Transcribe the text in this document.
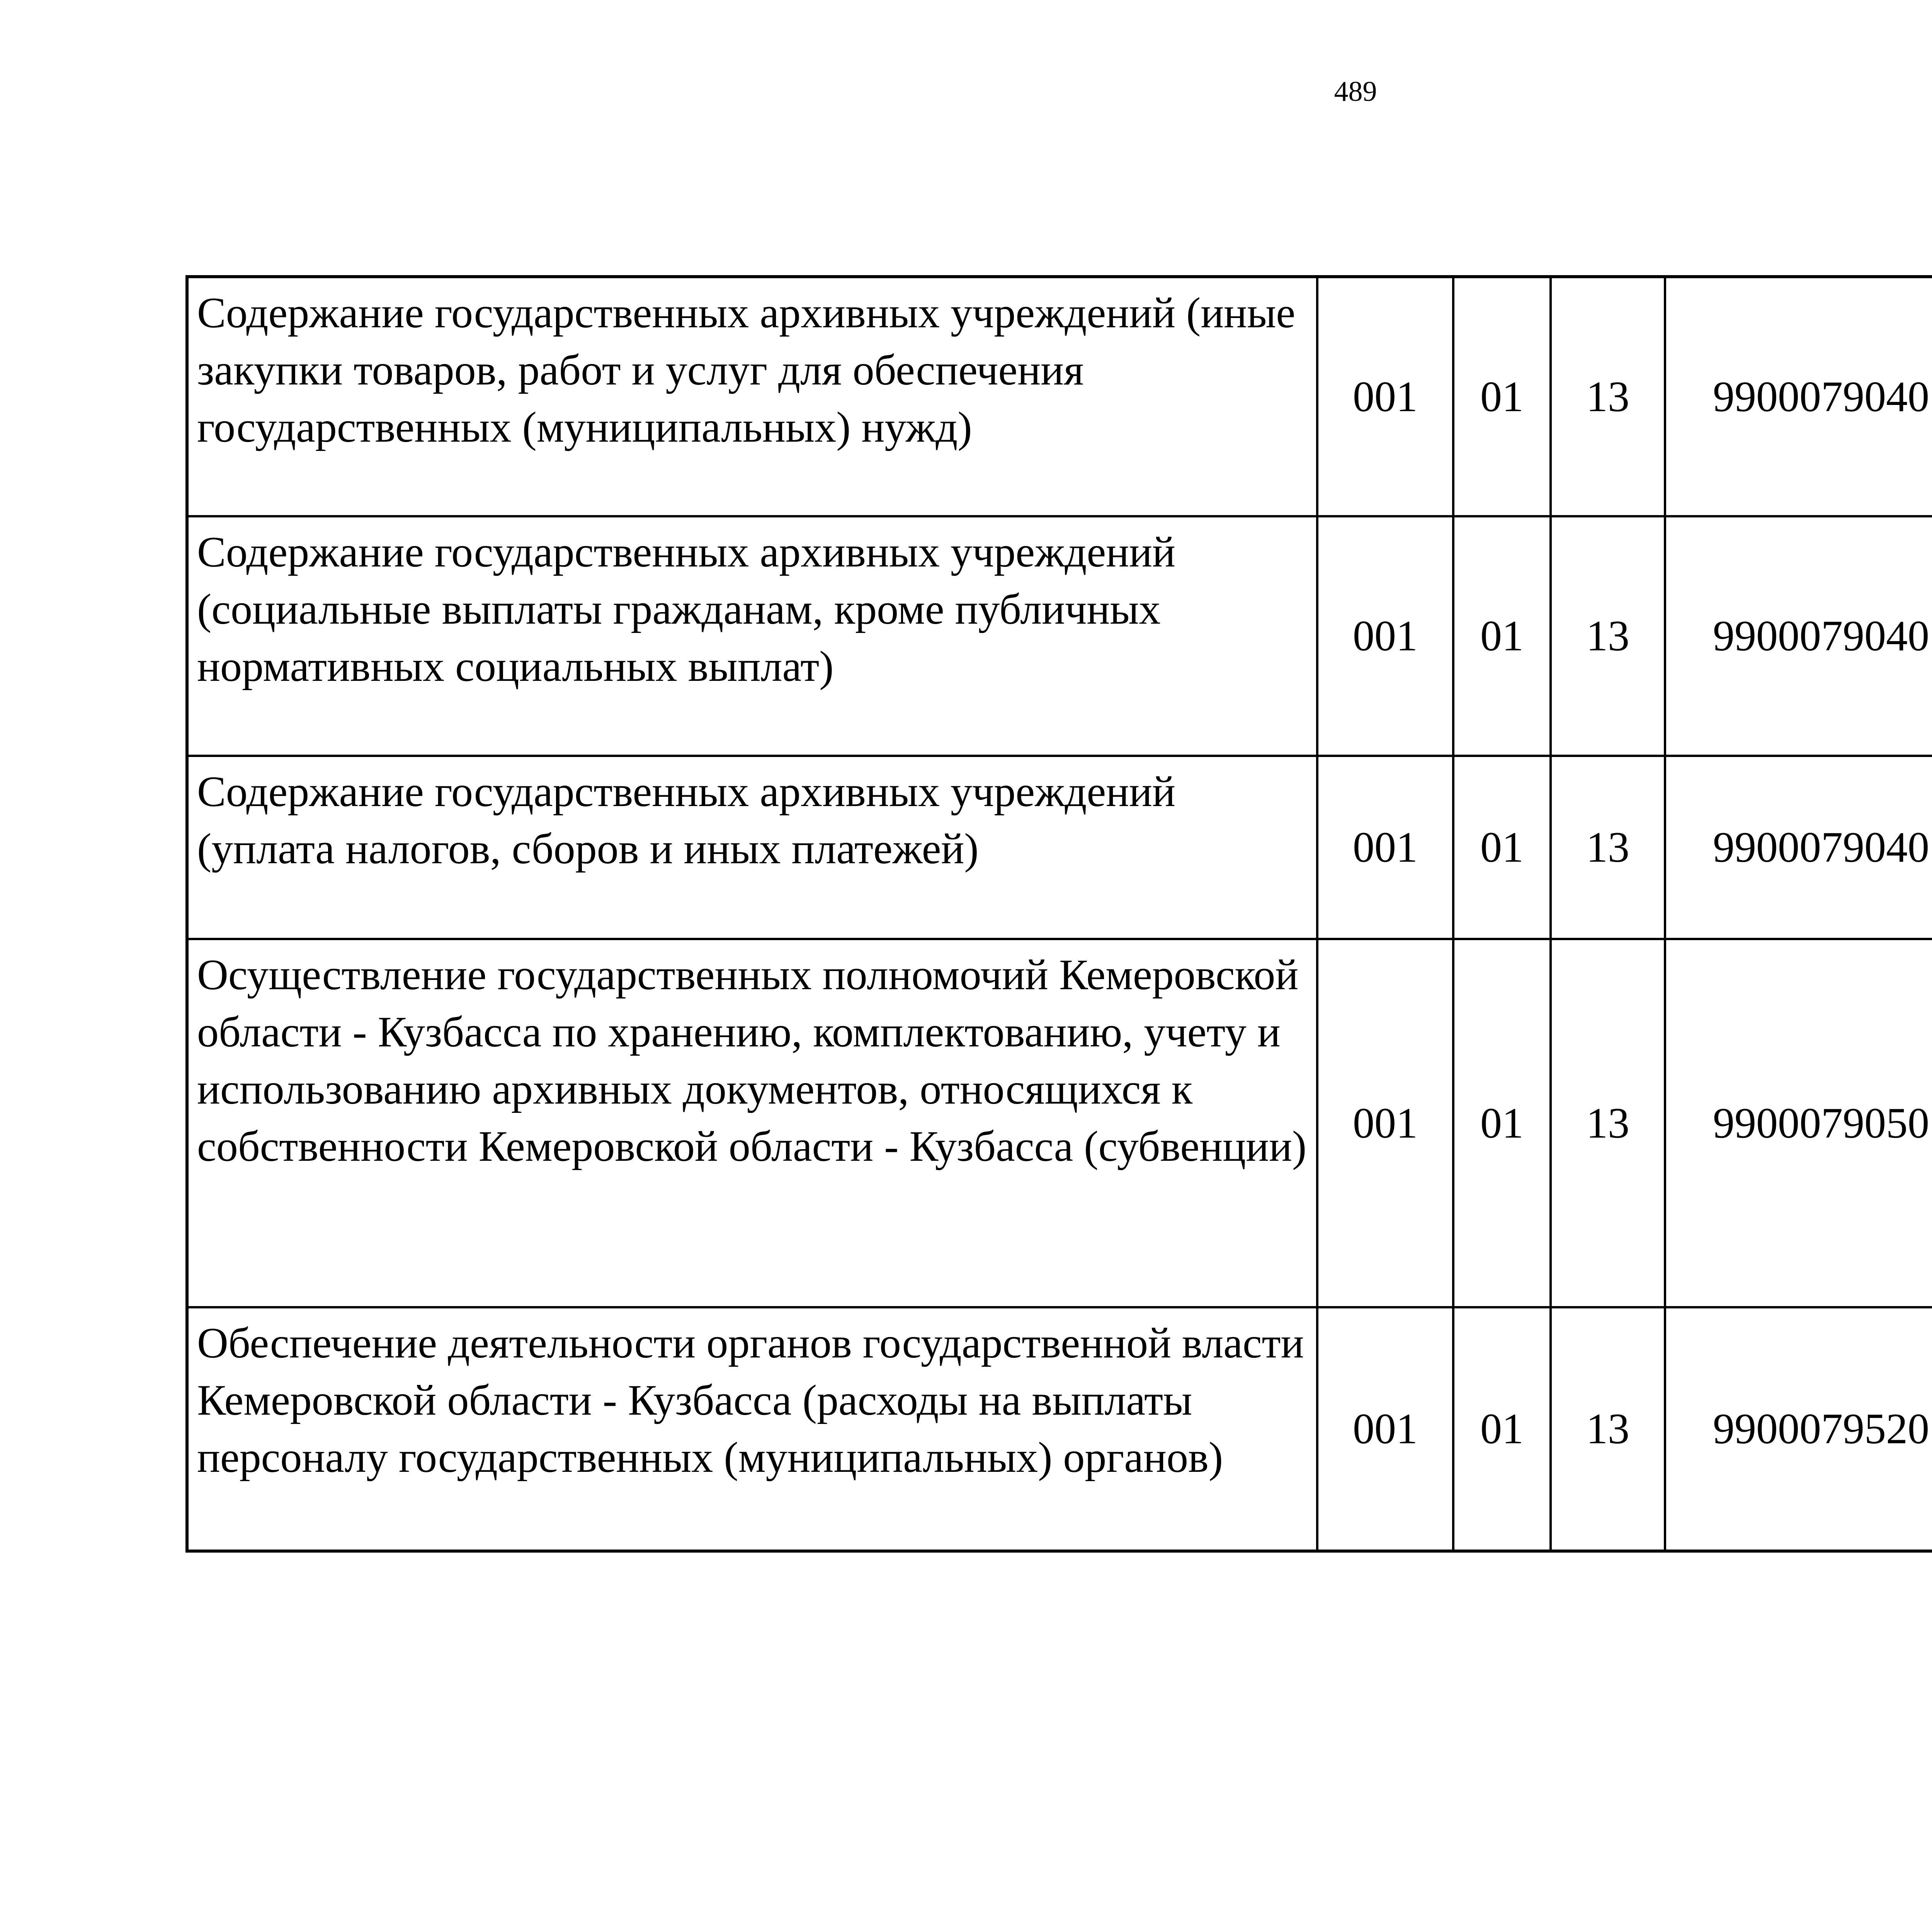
489
Содержание государственных архивных учреждений (иные закупки товаров, работ и услуг для обеспечения государственных (муниципальных) нужд)	001	01	13	9900079040		
Содержание государственных архивных учреждений (социальные выплаты гражданам, кроме публичных нормативных социальных выплат)	001	01	13	9900079040		
Содержание государственных архивных учреждений (уплата налогов, сборов и иных платежей)	001	01	13	9900079040		
Осуществление государственных полномочий Кемеровской области - Кузбасса по хранению, комплектованию, учету и использованию архивных документов, относящихся к собственности Кемеровской области - Кузбасса (субвенции)	001	01	13	9900079050		
Обеспечение деятельности органов государственной власти Кемеровской области - Кузбасса (расходы на выплаты персоналу государственных (муниципальных) органов)	001	01	13	9900079520		
